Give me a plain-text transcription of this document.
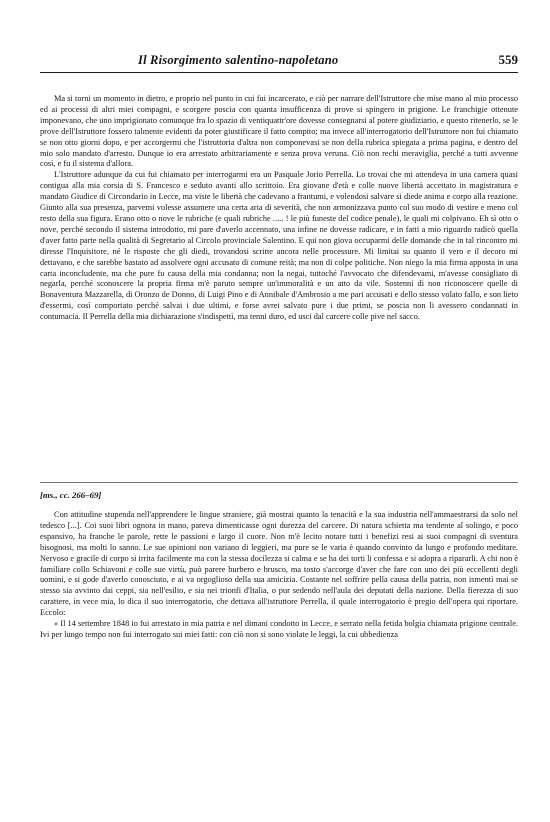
Il Risorgimento salentino-napoletano	559

Ma si torni un momento in dietro, e proprio nel punto in cui fui incarcerato, e ciò per narrare dell'Istruttore che mise mano al mio processo ed ai processi di altri miei compagni, e scorgere poscia con quanta insufficenza di prove si spingero in prigione. Le franchigie ottenute imponevano, che uno imprigionato comunque fra lo spazio di ventiquattr'ore dovesse consegnarsi al potere giudiziario, e questo ritenerlo, se le prove dell'Istruttore fossero talmente evidenti da poter giustificare il fatto compito; ma invece all'interrogatorio dell'Istruttore non fui chiamato se non otto giorni dopo, e per accorgermi che l'istruttoria d'altra non componevasi se non della rubrica spiegata a prima pagina, e dentro del mio solo mandato d'arresto. Dunque io era arrestato arbitrariamente e senza prova veruna. Ciò non rechi meraviglia, perché a tutti avvenne così, e fu il sistema d'allora.

L'Istruttore adunque da cui fui chiamato per interrogarmi era un Pasquale Jorio Perrella. Lo trovai che mi attendeva in una camera quasi contigua alla mia corsia di S. Francesco e seduto avanti allo scrittoio. Era giovane d'età e colle nuove libertà accettato in magistratura e mandato Giudice di Circondario in Lecce, ma viste le libertà che cadevano a frantumi, e volendosi salvare si diede anima e corpo alla reazione. Giunto alla sua presenza, parvemi volesse assumere una certa aria di severità, che non armonizzava punto col suo modo di vestire e meno col resto della sua figura. Erano otto o nove le rubriche (e quali rubriche ..... ! le più funeste del codice penale), le quali mi colpivano. Eh sì otto o nove, perché secondo il sistema introdotto, mi pare d'averlo accennato, una infine ne dovesse radicare, e in fatti a mio riguardo radicò quella d'aver fatto parte nella qualità di Segretario al Circolo provinciale Salentino. E qui non giova occuparmi delle domande che in tal rincontro mi diresse l'Inquisitore, né le risposte che gli diedi, trovandosi scritte ancora nelle processure. Mi limitai su quanto il vero e il decoro mi dettavano, e che sarebbe bastato ad assolvere ogni accusato di comune reità; ma non di colpe politiche. Non niego la mia firma apposta in una carta inconcludente, ma che pure fu causa della mia condanna; non la negai, tuttoché l'avvocato che difendevami, m'avesse consigliato di negarla, perché sconoscere la propria firma m'è paruto sempre un'immoralità e un atto da vile. Sostenni di non riconoscere quelle di Bonaventura Mazzarella, di Oronzo de Donno, di Luigi Pino e di Annibale d'Ambrosio a me pari accusati e dello stesso volato fallo, e son lieto d'essermi, così comportato perché salvai i due ultimi, e forse avrei salvato pure i due primi, se poscia non li avessero condannati in contumacia. Il Perrella della mia dichiarazione s'indispettì, ma tenni duro, ed usci dal carcere colle pive nel sacco.

[ms., cc. 266–69]

Con attitudine stupenda nell'apprendere le lingue straniere, già mostrai quanto la tenacità e la sua industria nell'ammaestrarsi da solo nel tedesco [...]. Coi suoi libri ognora in mano, pareva dimenticasse ogni durezza del carcere. Di natura schietta ma tendente al solingo, e poco espansivo, ha franche le parole, rette le passioni e largo il cuore. Non m'è lecito notare tutti i benefizi resi ai suoi compagni di sventura bisognosi, ma molti lo sanno. Le sue opinioni non variano di leggieri, ma pure se le varia è quando convinto da lungo e profondo meditare. Nervoso e gracile di corpo si irrita facilmente ma con la stessa docilezza si calma e se ha dei torti li confessa e si adopra a ripararli. A chi non è familiare collo Schiavoni e colle sue virtù, può parere burbero e brusco, ma tosto s'accorge d'aver che fare con uno dei più eccellenti degli uomini, e si gode d'averlo conosciuto, e ai va orgoglioso della sua amicizia. Costante nel soffrire pella causa della patria, non ismentì mai se stesso sia avvinto dai ceppi, sia nell'esilio, e sia nei trionfi d'Italia, o pur sedendo nell'aula dei deputati della nazione. Della fierezza di suo carattere, in vece mia, lo dica il suo interrogatorio, che dettava all'istruttore Perrella, il quale interrogatorio è pregio dell'opera qui riportare. Eccolo:

« Il 14 settembre 1848 io fui arrestato in mia patria e nel dimani condotto in Lecce, e serrato nella fetida bolgia chiamata prigione centrale. Ivi per lungo tempo non fui interrogato sui miei fatti: con ciò non si sono violate le leggi, la cui ubbedienza
